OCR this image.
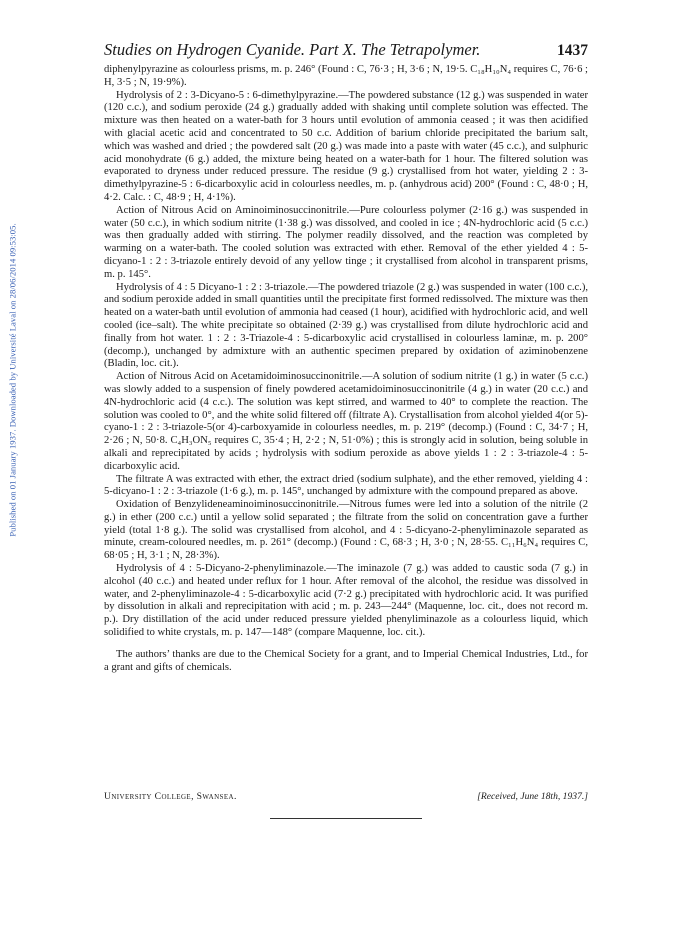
Published on 01 January 1937. Downloaded by Université Laval on 28/06/2014 09:53:05.
Studies on Hydrogen Cyanide. Part X. The Tetrapolymer.	1437

diphenylpyrazine as colourless prisms, m. p. 246° (Found : C, 76·3 ; H, 3·6 ; N, 19·5. C₁₈H₁₀N₄ requires C, 76·6 ; H, 3·5 ; N, 19·9%).

Hydrolysis of 2 : 3-Dicyano-5 : 6-dimethylpyrazine.—The powdered substance (12 g.) was suspended in water (120 c.c.), and sodium peroxide (24 g.) gradually added with shaking until complete solution was effected. The mixture was then heated on a water-bath for 3 hours until evolution of ammonia ceased ; it was then acidified with glacial acetic acid and concentrated to 50 c.c. Addition of barium chloride precipitated the barium salt, which was washed and dried ; the powdered salt (20 g.) was made into a paste with water (45 c.c.), and sulphuric acid monohydrate (6 g.) added, the mixture being heated on a water-bath for 1 hour. The filtered solution was evaporated to dryness under reduced pressure. The residue (9 g.) crystallised from hot water, yielding 2 : 3-dimethylpyrazine-5 : 6-dicarboxylic acid in colourless needles, m. p. (anhydrous acid) 200° (Found : C, 48·0 ; H, 4·2. Calc. : C, 48·9 ; H, 4·1%).

Action of Nitrous Acid on Aminoiminosuccinonitrile.—Pure colourless polymer (2·16 g.) was suspended in water (50 c.c.), in which sodium nitrite (1·38 g.) was dissolved, and cooled in ice ; 4N-hydrochloric acid (5 c.c.) was then gradually added with stirring. The polymer readily dissolved, and the reaction was completed by warming on a water-bath. The cooled solution was extracted with ether. Removal of the ether yielded 4 : 5-dicyano-1 : 2 : 3-triazole entirely devoid of any yellow tinge ; it crystallised from alcohol in transparent prisms, m. p. 145°.

Hydrolysis of 4 : 5 Dicyano-1 : 2 : 3-triazole.—The powdered triazole (2 g.) was suspended in water (100 c.c.), and sodium peroxide added in small quantities until the precipitate first formed redissolved. The mixture was then heated on a water-bath until evolution of ammonia had ceased (1 hour), acidified with hydrochloric acid, and well cooled (ice–salt). The white precipitate so obtained (2·39 g.) was crystallised from dilute hydrochloric acid and finally from hot water. 1 : 2 : 3-Triazole-4 : 5-dicarboxylic acid crystallised in colourless laminæ, m. p. 200° (decomp.), unchanged by admixture with an authentic specimen prepared by oxidation of aziminobenzene (Bladin, loc. cit.).

Action of Nitrous Acid on Acetamidoiminosuccinonitrile.—A solution of sodium nitrite (1 g.) in water (5 c.c.) was slowly added to a suspension of finely powdered acetamidoiminosuccinonitrile (4 g.) in water (20 c.c.) and 4N-hydrochloric acid (4 c.c.). The solution was kept stirred, and warmed to 40° to complete the reaction. The solution was cooled to 0°, and the white solid filtered off (filtrate A). Crystallisation from alcohol yielded 4(or 5)-cyano-1 : 2 : 3-triazole-5(or 4)-carboxyamide in colourless needles, m. p. 219° (decomp.) (Found : C, 34·7 ; H, 2·26 ; N, 50·8. C₄H₃ON₅ requires C, 35·4 ; H, 2·2 ; N, 51·0%) ; this is strongly acid in solution, being soluble in alkali and reprecipitated by acids ; hydrolysis with sodium peroxide as above yields 1 : 2 : 3-triazole-4 : 5-dicarboxylic acid.

The filtrate A was extracted with ether, the extract dried (sodium sulphate), and the ether removed, yielding 4 : 5-dicyano-1 : 2 : 3-triazole (1·6 g.), m. p. 145°, unchanged by admixture with the compound prepared as above.

Oxidation of Benzylideneaminoiminosuccinonitrile.—Nitrous fumes were led into a solution of the nitrile (2 g.) in ether (200 c.c.) until a yellow solid separated ; the filtrate from the solid on concentration gave a further yield (total 1·8 g.). The solid was crystallised from alcohol, and 4 : 5-dicyano-2-phenyliminazole separated as minute, cream-coloured needles, m. p. 261° (decomp.) (Found : C, 68·3 ; H, 3·0 ; N, 28·55. C₁₁H₆N₄ requires C, 68·05 ; H, 3·1 ; N, 28·3%).

Hydrolysis of 4 : 5-Dicyano-2-phenyliminazole.—The iminazole (7 g.) was added to caustic soda (7 g.) in alcohol (40 c.c.) and heated under reflux for 1 hour. After removal of the alcohol, the residue was dissolved in water, and 2-phenyliminazole-4 : 5-dicarboxylic acid (7·2 g.) precipitated with hydrochloric acid. It was purified by dissolution in alkali and reprecipitation with acid ; m. p. 243—244° (Maquenne, loc. cit., does not record m. p.). Dry distillation of the acid under reduced pressure yielded phenyliminazole as a colourless liquid, which solidified to white crystals, m. p. 147—148° (compare Maquenne, loc. cit.).

The authors’ thanks are due to the Chemical Society for a grant, and to Imperial Chemical Industries, Ltd., for a grant and gifts of chemicals.

University College, Swansea.	[Received, June 18th, 1937.]
